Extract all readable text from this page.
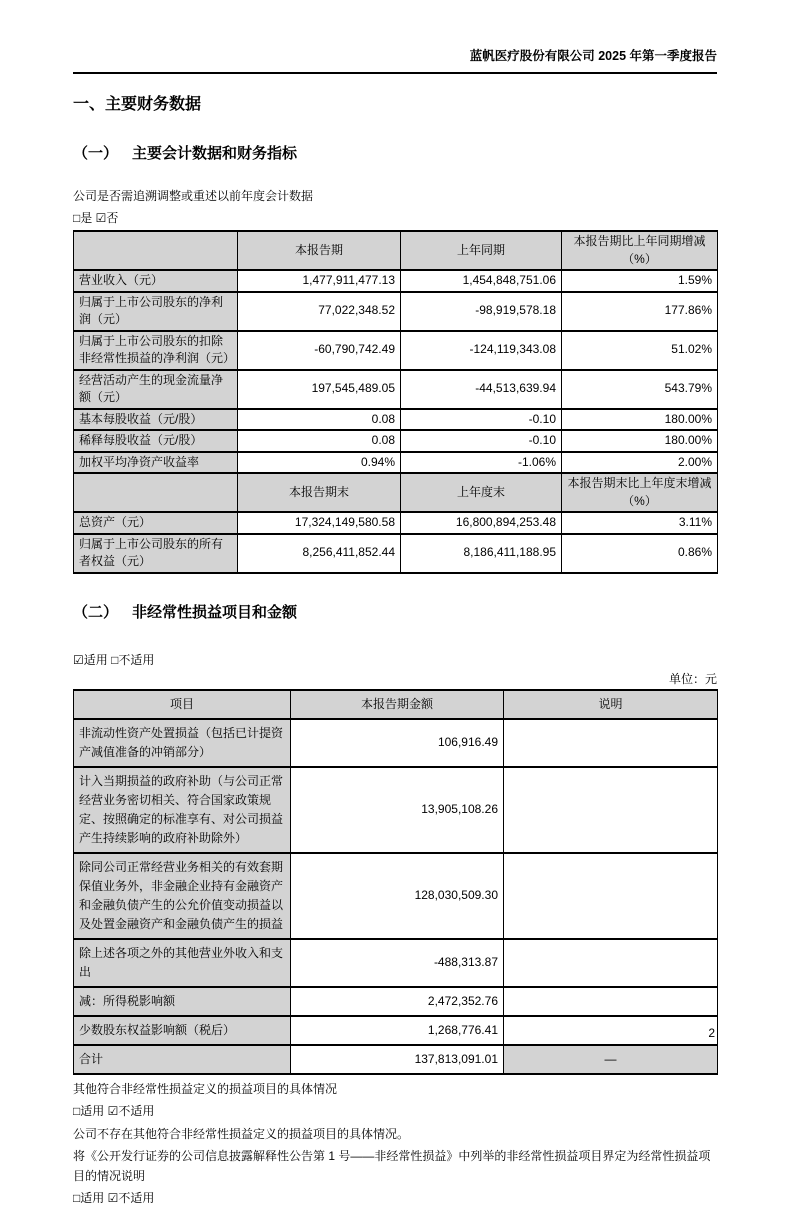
蓝帆医疗股份有限公司 2025 年第一季度报告
一、主要财务数据
（一） 主要会计数据和财务指标
公司是否需追溯调整或重述以前年度会计数据
□是 ☑否
	本报告期	上年同期	本报告期比上年同期增减（%）
营业收入（元）	1,477,911,477.13	1,454,848,751.06	1.59%
归属于上市公司股东的净利润（元）	77,022,348.52	-98,919,578.18	177.86%
归属于上市公司股东的扣除非经常性损益的净利润（元）	-60,790,742.49	-124,119,343.08	51.02%
经营活动产生的现金流量净额（元）	197,545,489.05	-44,513,639.94	543.79%
基本每股收益（元/股）	0.08	-0.10	180.00%
稀释每股收益（元/股）	0.08	-0.10	180.00%
加权平均净资产收益率	0.94%	-1.06%	2.00%
	本报告期末	上年度末	本报告期末比上年度末增减（%）
总资产（元）	17,324,149,580.58	16,800,894,253.48	3.11%
归属于上市公司股东的所有者权益（元）	8,256,411,852.44	8,186,411,188.95	0.86%
（二） 非经常性损益项目和金额
☑适用 □不适用
单位：元
项目	本报告期金额	说明
非流动性资产处置损益（包括已计提资产减值准备的冲销部分）	106,916.49	
计入当期损益的政府补助（与公司正常经营业务密切相关、符合国家政策规定、按照确定的标准享有、对公司损益产生持续影响的政府补助除外）	13,905,108.26	
除同公司正常经营业务相关的有效套期保值业务外，非金融企业持有金融资产和金融负债产生的公允价值变动损益以及处置金融资产和金融负债产生的损益	128,030,509.30	
除上述各项之外的其他营业外收入和支出	-488,313.87	
减：所得税影响额	2,472,352.76	
少数股东权益影响额（税后）	1,268,776.41	
合计	137,813,091.01	—
其他符合非经常性损益定义的损益项目的具体情况
□适用 ☑不适用
公司不存在其他符合非经常性损益定义的损益项目的具体情况。
将《公开发行证券的公司信息披露解释性公告第 1 号——非经常性损益》中列举的非经常性损益项目界定为经常性损益项目的情况说明
□适用 ☑不适用
2
